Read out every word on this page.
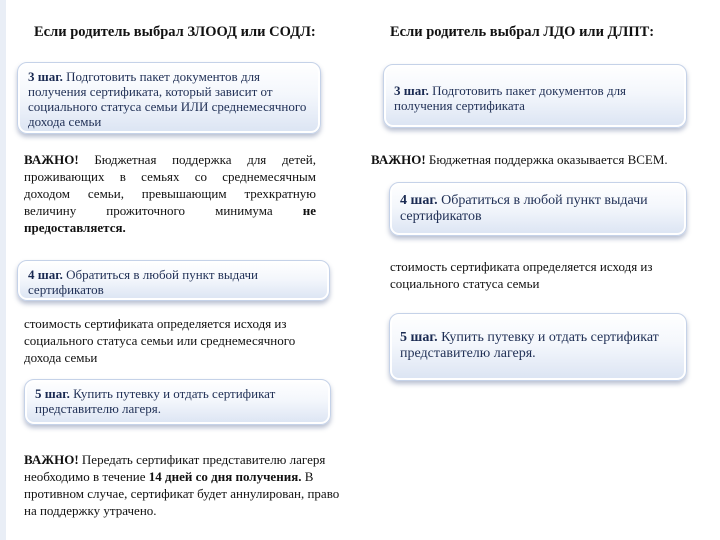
Если родитель выбрал ЗЛООД или СОДЛ:
3 шаг. Подготовить пакет документов для получения сертификата, который зависит от социального статуса семьи ИЛИ среднемесячного дохода семьи
ВАЖНО! Бюджетная поддержка для детей, проживающих в семьях со среднемесячным доходом семьи, превышающим трехкратную величину прожиточного минимума не предоставляется.
4 шаг. Обратиться в любой пункт выдачи сертификатов
стоимость сертификата определяется исходя из социального статуса семьи или среднемесячного дохода семьи
5 шаг. Купить путевку и отдать сертификат представителю лагеря.
ВАЖНО! Передать сертификат представителю лагеря необходимо в течение 14 дней со дня получения. В противном случае, сертификат будет аннулирован, право на поддержку утрачено.
Если родитель выбрал ЛДО или ДЛПТ:
3 шаг. Подготовить пакет документов для получения сертификата
ВАЖНО! Бюджетная поддержка оказывается ВСЕМ.
4 шаг. Обратиться в любой пункт выдачи сертификатов
стоимость сертификата определяется исходя из социального статуса семьи
5 шаг. Купить путевку и отдать сертификат представителю лагеря.
